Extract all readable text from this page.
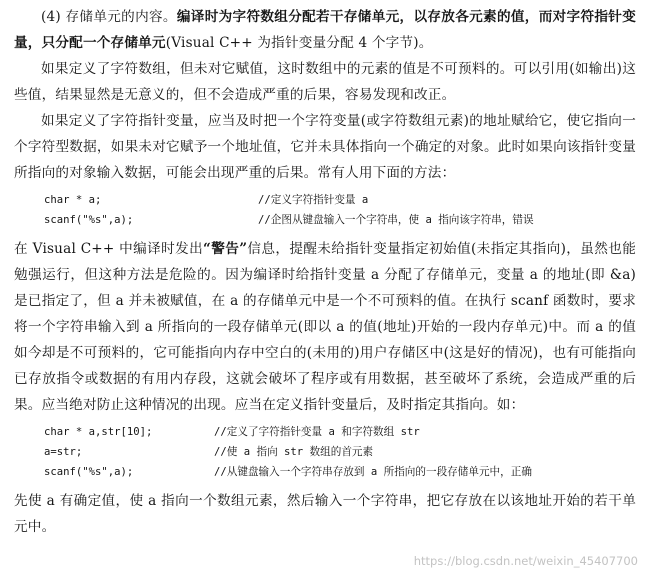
(4) 存储单元的内容。编译时为字符数组分配若干存储单元，以存放各元素的值，而对字符指针变量，只分配一个存储单元(Visual C++ 为指针变量分配 4 个字节)。

如果定义了字符数组，但未对它赋值，这时数组中的元素的值是不可预料的。可以引用(如输出)这些值，结果显然是无意义的，但不会造成严重的后果，容易发现和改正。

如果定义了字符指针变量，应当及时把一个字符变量(或字符数组元素)的地址赋给它，使它指向一个字符型数据，如果未对它赋予一个地址值，它并未具体指向一个确定的对象。此时如果向该指针变量所指向的对象输入数据，可能会出现严重的后果。常有人用下面的方法：

char * a;	//定义字符指针变量 a
scanf("%s",a);	//企图从键盘输入一个字符串，使 a 指向该字符串，错误

在 Visual C++ 中编译时发出“警告”信息，提醒未给指针变量指定初始值(未指定其指向)，虽然也能勉强运行，但这种方法是危险的。因为编译时给指针变量 a 分配了存储单元，变量 a 的地址(即 &a)是已指定了，但 a 并未被赋值，在 a 的存储单元中是一个不可预料的值。在执行 scanf 函数时，要求将一个字符串输入到 a 所指向的一段存储单元(即以 a 的值(地址)开始的一段内存单元)中。而 a 的值如今却是不可预料的，它可能指向内存中空白的(未用的)用户存储区中(这是好的情况)，也有可能指向已存放指令或数据的有用内存段，这就会破坏了程序或有用数据，甚至破坏了系统，会造成严重的后果。应当绝对防止这种情况的出现。应当在定义指针变量后，及时指定其指向。如：

char * a,str[10];	//定义了字符指针变量 a 和字符数组 str
a=str;	//使 a 指向 str 数组的首元素
scanf("%s",a);	//从键盘输入一个字符串存放到 a 所指向的一段存储单元中，正确

先使 a 有确定值，使 a 指向一个数组元素，然后输入一个字符串，把它存放在以该地址开始的若干单元中。

https://blog.csdn.net/weixin_45407700
